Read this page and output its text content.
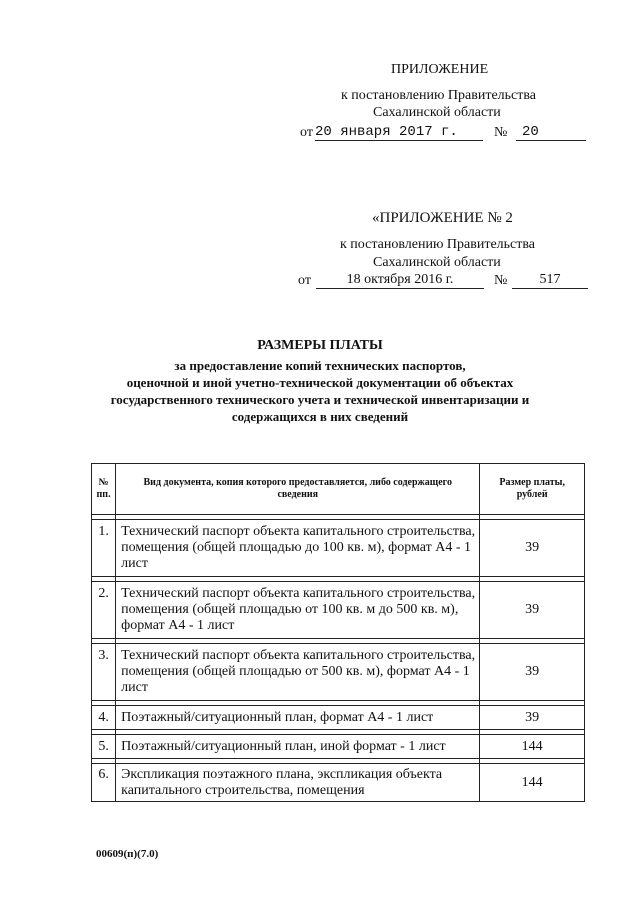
ПРИЛОЖЕНИЕ
к постановлению Правительства
Сахалинской области
от 20 января 2017 г.	№	20
«ПРИЛОЖЕНИЕ № 2
к постановлению Правительства
Сахалинской области
от	18 октября 2016 г.	№	517
РАЗМЕРЫ ПЛАТЫ
за предоставление копий технических паспортов,
оценочной и иной учетно-технической документации об объектах
государственного технического учета и технической инвентаризации и
содержащихся в них сведений
№ пп.	Вид документа, копия которого предоставляется, либо содержащего сведения	Размер платы, рублей

1.	Технический паспорт объекта капитального строительства, помещения (общей площадью до 100 кв. м), формат А4 - 1 лист	39

2.	Технический паспорт объекта капитального строительства, помещения (общей площадью от 100 кв. м до 500 кв. м), формат А4 - 1 лист	39

3.	Технический паспорт объекта капитального строительства, помещения (общей площадью от 500 кв. м), формат А4 - 1 лист	39

4.	Поэтажный/ситуационный план, формат А4 - 1 лист	39

5.	Поэтажный/ситуационный план, иной формат - 1 лист	144

6.	Экспликация поэтажного плана, экспликация объекта капитального строительства, помещения	144
00609(п)(7.0)
